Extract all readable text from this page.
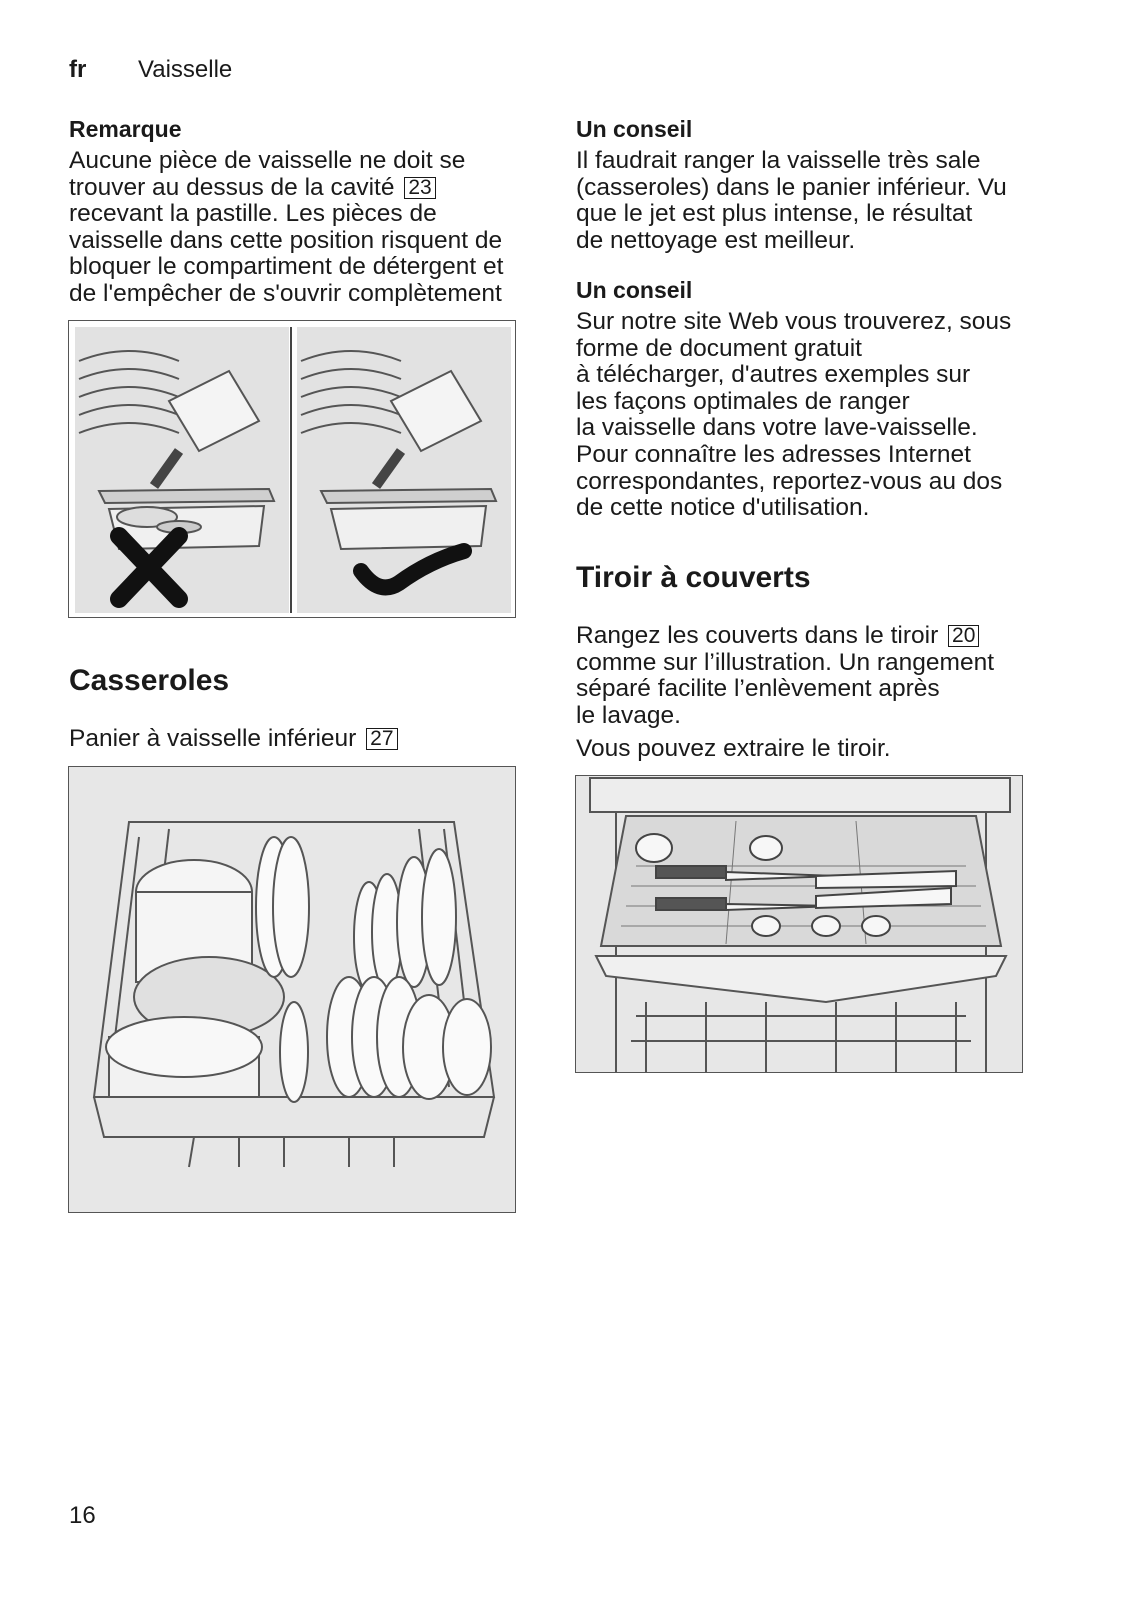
fr Vaisselle
Remarque
Aucune pièce de vaisselle ne doit se
trouver au dessus de la cavité 23
recevant la pastille. Les pièces de
vaisselle dans cette position risquent de
bloquer le compartiment de détergent et
de l'empêcher de s'ouvrir complètement
Casseroles
Panier à vaisselle inférieur 27
Un conseil
Il faudrait ranger la vaisselle très sale
(casseroles) dans le panier inférieur. Vu
que le jet est plus intense, le résultat
de nettoyage est meilleur.
Un conseil
Sur notre site Web vous trouverez, sous
forme de document gratuit
à télécharger, d'autres exemples sur
les façons optimales de ranger
la vaisselle dans votre lave-vaisselle.
Pour connaître les adresses Internet
correspondantes, reportez-vous au dos
de cette notice d'utilisation.
Tiroir à couverts
Rangez les couverts dans le tiroir 20
comme sur l’illustration. Un rangement
séparé facilite l’enlèvement après
le lavage.
Vous pouvez extraire le tiroir.
16
